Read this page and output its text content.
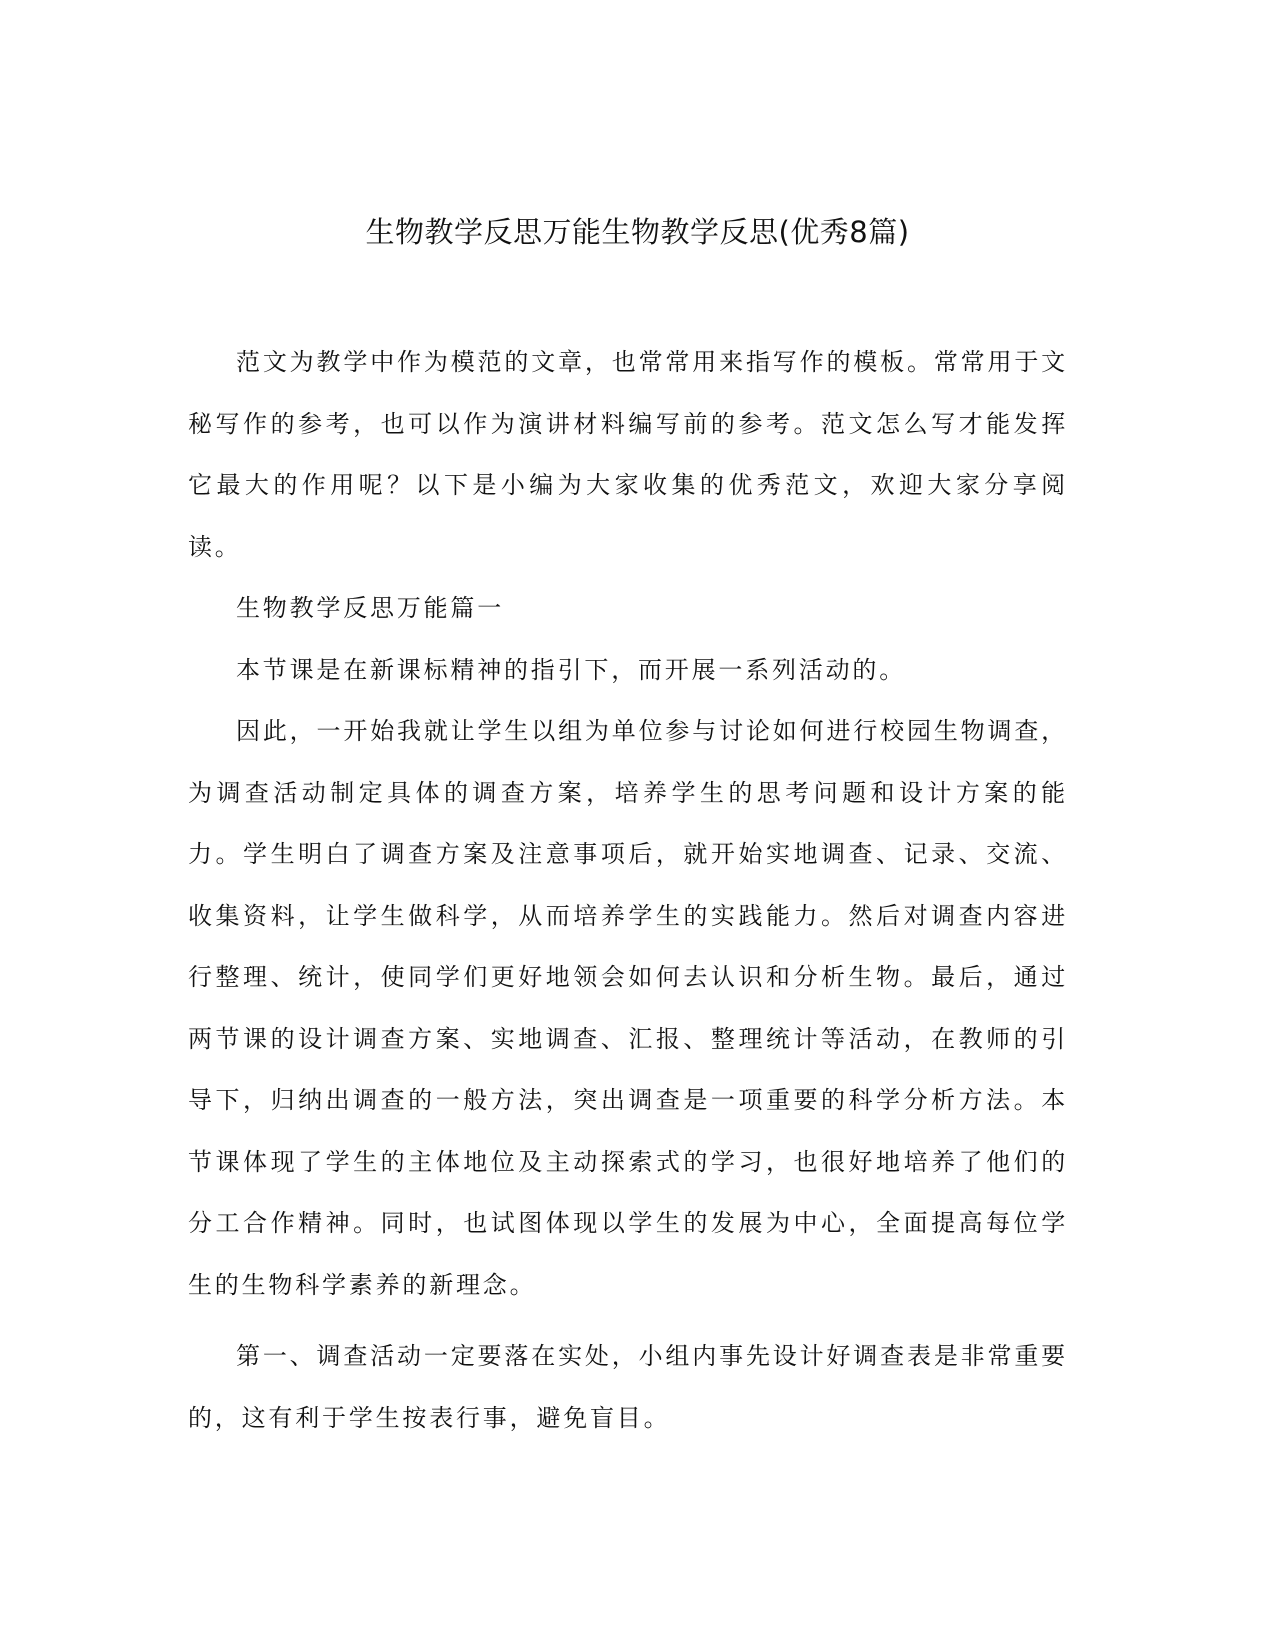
生物教学反思万能生物教学反思(优秀8篇)

范文为教学中作为模范的文章，也常常用来指写作的模板。常常用于文秘写作的参考，也可以作为演讲材料编写前的参考。范文怎么写才能发挥它最大的作用呢？以下是小编为大家收集的优秀范文，欢迎大家分享阅读。

生物教学反思万能篇一

本节课是在新课标精神的指引下，而开展一系列活动的。

因此，一开始我就让学生以组为单位参与讨论如何进行校园生物调查，为调查活动制定具体的调查方案，培养学生的思考问题和设计方案的能力。学生明白了调查方案及注意事项后，就开始实地调查、记录、交流、收集资料，让学生做科学，从而培养学生的实践能力。然后对调查内容进行整理、统计，使同学们更好地领会如何去认识和分析生物。最后，通过两节课的设计调查方案、实地调查、汇报、整理统计等活动，在教师的引导下，归纳出调查的一般方法，突出调查是一项重要的科学分析方法。本节课体现了学生的主体地位及主动探索式的学习，也很好地培养了他们的分工合作精神。同时，也试图体现以学生的发展为中心，全面提高每位学生的生物科学素养的新理念。

第一、调查活动一定要落在实处，小组内事先设计好调查表是非常重要的，这有利于学生按表行事，避免盲目。
